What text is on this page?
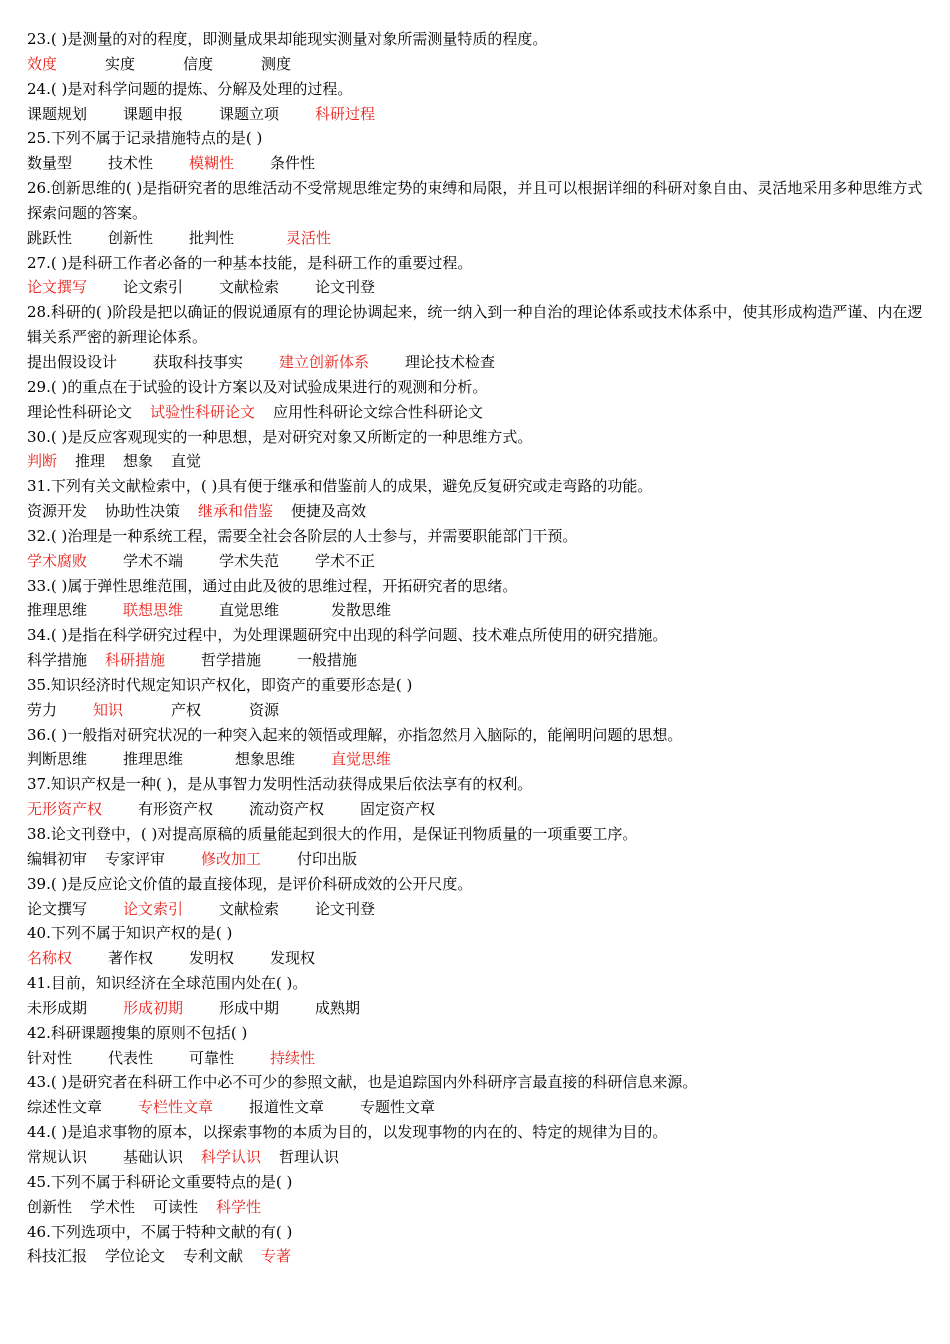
23.( )是测量的对的程度，即测量成果却能现实测量对象所需测量特质的程度。
效度	实度	信度	测度
24.( )是对科学问题的提炼、分解及处理的过程。
课题规划 课题申报 课题立项 科研过程
25.下列不属于记录措施特点的是( )
数量型 技术性 模糊性 条件性
26.创新思维的( )是指研究者的思维活动不受常规思维定势的束缚和局限，并且可以根据详细的科研对象自由、灵活地采用多种思维方式探索问题的答案。
跳跃性 创新性 批判性	灵活性
27.( )是科研工作者必备的一种基本技能，是科研工作的重要过程。
论文撰写 论文索引 文献检索 论文刊登
28.科研的( )阶段是把以确证的假说通原有的理论协调起来，统一纳入到一种自治的理论体系或技术体系中，使其形成构造严谨、内在逻辑关系严密的新理论体系。
提出假设设计 获取科技事实 建立创新体系 理论技术检查
29.( )的重点在于试验的设计方案以及对试验成果进行的观测和分析。
理论性科研论文 试验性科研论文 应用性科研论文综合性科研论文
30.( )是反应客观现实的一种思想，是对研究对象又所断定的一种思维方式。
判断 推理 想象 直觉
31.下列有关文献检索中，( )具有便于继承和借鉴前人的成果，避免反复研究或走弯路的功能。
资源开发 协助性决策 继承和借鉴 便捷及高效
32.( )治理是一种系统工程，需要全社会各阶层的人士参与，并需要职能部门干预。
学术腐败 学术不端 学术失范 学术不正
33.( )属于弹性思维范围，通过由此及彼的思维过程，开拓研究者的思绪。
推理思维 联想思维 直觉思维	发散思维
34.( )是指在科学研究过程中，为处理课题研究中出现的科学问题、技术难点所使用的研究措施。
科学措施 科研措施 哲学措施 一般措施
35.知识经济时代规定知识产权化，即资产的重要形态是( )
劳力 知识	产权	资源
36.( )一般指对研究状况的一种突入起来的领悟或理解，亦指忽然月入脑际的，能阐明问题的思想。
判断思维 推理思维	想象思维 直觉思维
37.知识产权是一种( )，是从事智力发明性活动获得成果后依法享有的权利。
无形资产权 有形资产权 流动资产权 固定资产权
38.论文刊登中，( )对提高原稿的质量能起到很大的作用，是保证刊物质量的一项重要工序。
编辑初审 专家评审 修改加工 付印出版
39.( )是反应论文价值的最直接体现，是评价科研成效的公开尺度。
论文撰写 论文索引 文献检索 论文刊登
40.下列不属于知识产权的是( )
名称权 著作权 发明权 发现权
41.目前，知识经济在全球范围内处在( )。
未形成期 形成初期 形成中期 成熟期
42.科研课题搜集的原则不包括( )
针对性 代表性 可靠性 持续性
43.( )是研究者在科研工作中必不可少的参照文献，也是追踪国内外科研序言最直接的科研信息来源。
综述性文章 专栏性文章 报道性文章 专题性文章
44.( )是追求事物的原本，以探索事物的本质为目的，以发现事物的内在的、特定的规律为目的。
常规认识 基础认识 科学认识 哲理认识
45.下列不属于科研论文重要特点的是( )
创新性 学术性 可读性 科学性
46.下列选项中，不属于特种文献的有( )
科技汇报 学位论文 专利文献 专著
